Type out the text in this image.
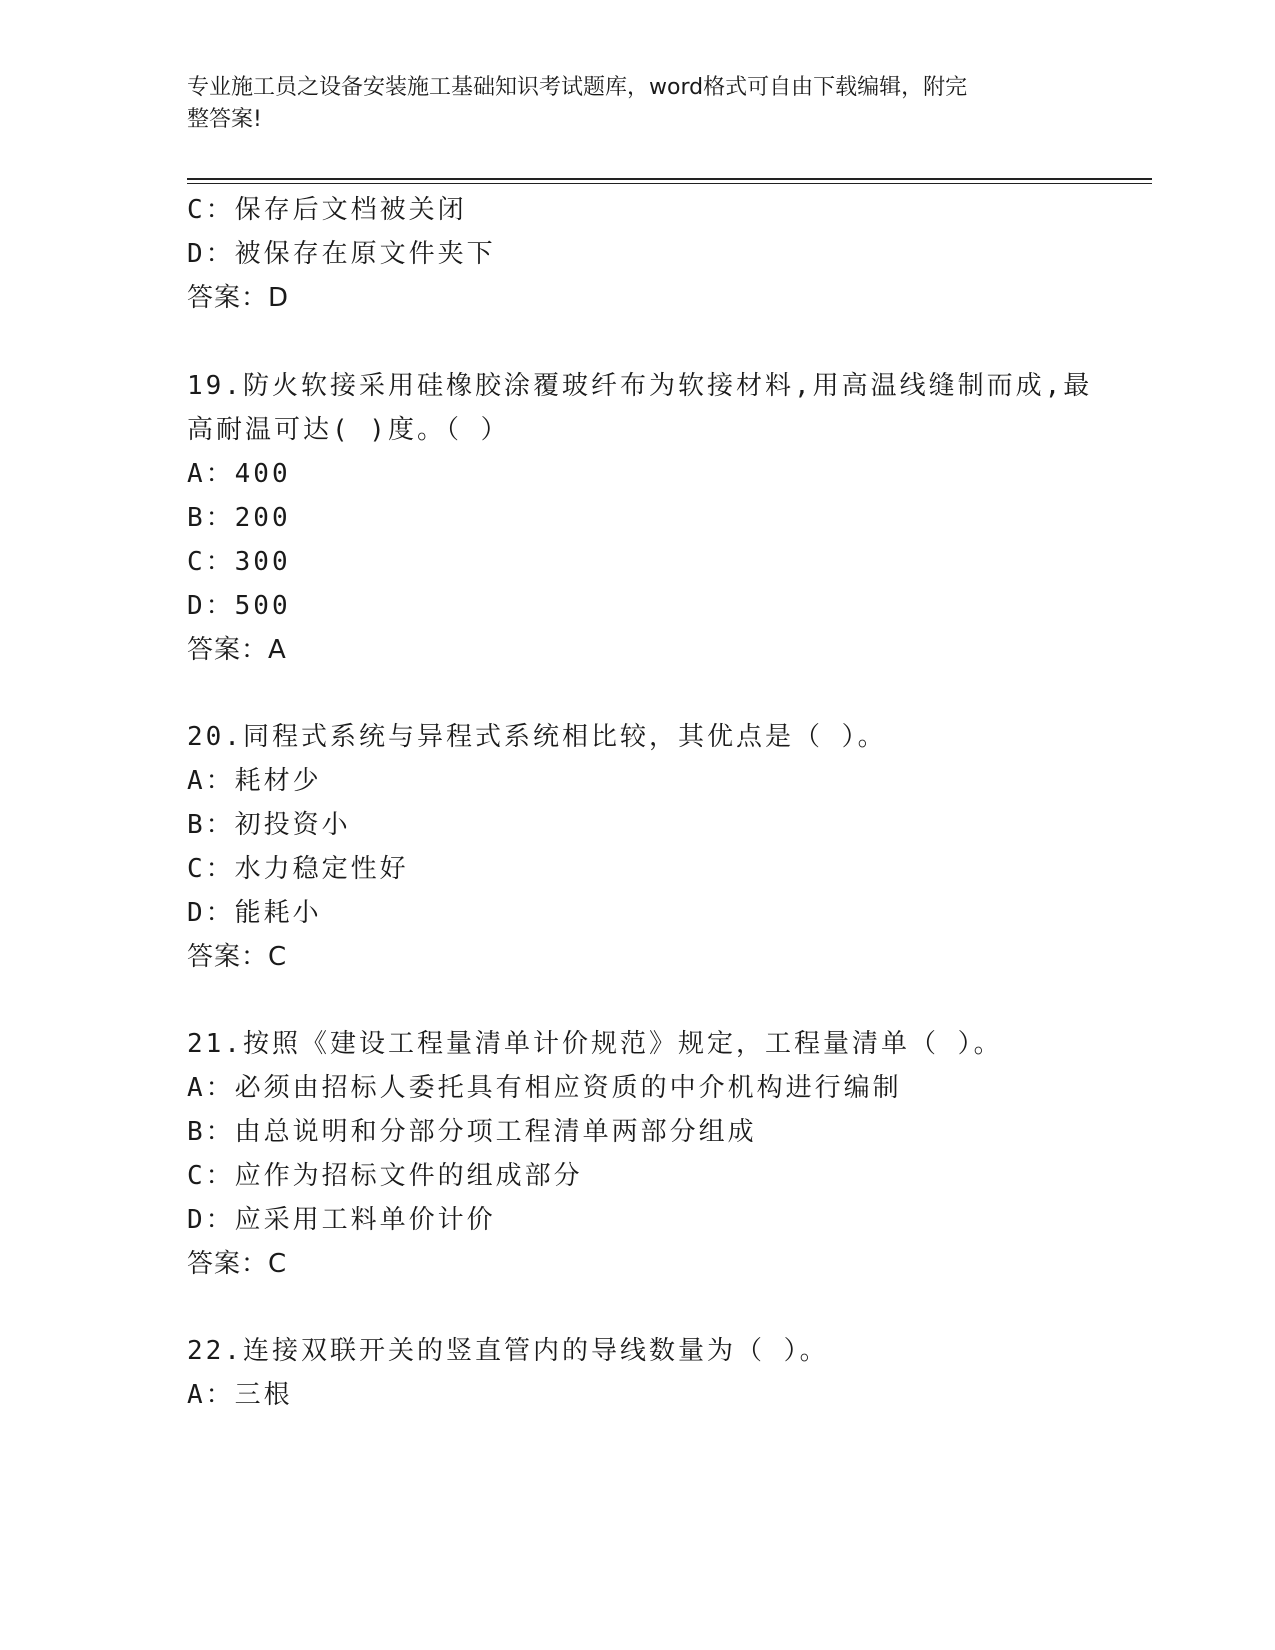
专业施工员之设备安装施工基础知识考试题库，word格式可自由下载编辑，附完
整答案!
C：保存后文档被关闭
D：被保存在原文件夹下
答案：D
19.防火软接采用硅橡胶涂覆玻纤布为软接材料,用高温线缝制而成,最
高耐温可达( )度。（ ）
A：400
B：200
C：300
D：500
答案：A
20.同程式系统与异程式系统相比较，其优点是（ ）。
A：耗材少
B：初投资小
C：水力稳定性好
D：能耗小
答案：C
21.按照《建设工程量清单计价规范》规定，工程量清单（ ）。
A：必须由招标人委托具有相应资质的中介机构进行编制
B：由总说明和分部分项工程清单两部分组成
C：应作为招标文件的组成部分
D：应采用工料单价计价
答案：C
22.连接双联开关的竖直管内的导线数量为（ ）。
A：三根
